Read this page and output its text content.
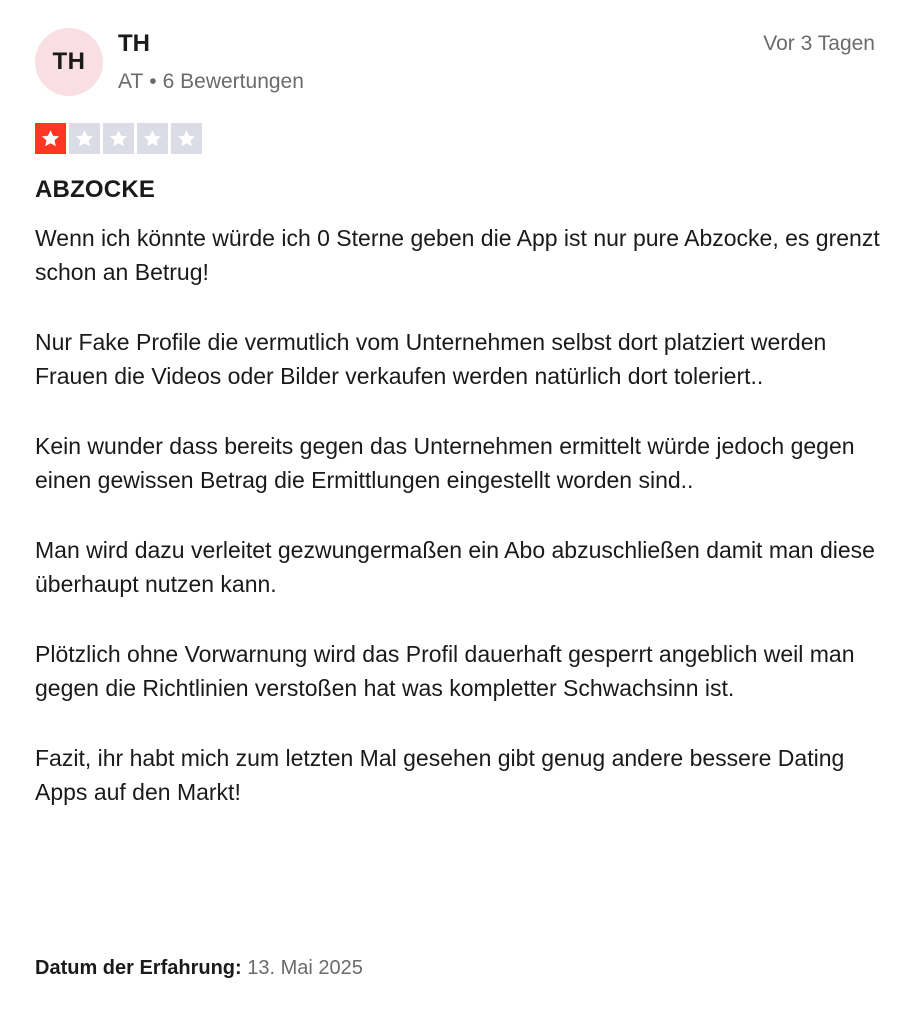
TH
TH
AT • 6 Bewertungen
Vor 3 Tagen
ABZOCKE

Wenn ich könnte würde ich 0 Sterne geben die App ist nur pure Abzocke, es grenzt schon an Betrug!

Nur Fake Profile die vermutlich vom Unternehmen selbst dort platziert werden Frauen die Videos oder Bilder verkaufen werden natürlich dort toleriert..

Kein wunder dass bereits gegen das Unternehmen ermittelt würde jedoch gegen einen gewissen Betrag die Ermittlungen eingestellt worden sind..

Man wird dazu verleitet gezwungermaßen ein Abo abzuschließen damit man diese überhaupt nutzen kann.

Plötzlich ohne Vorwarnung wird das Profil dauerhaft gesperrt angeblich weil man gegen die Richtlinien verstoßen hat was kompletter Schwachsinn ist.

Fazit, ihr habt mich zum letzten Mal gesehen gibt genug andere bessere Dating Apps auf den Markt!

Datum der Erfahrung: 13. Mai 2025
